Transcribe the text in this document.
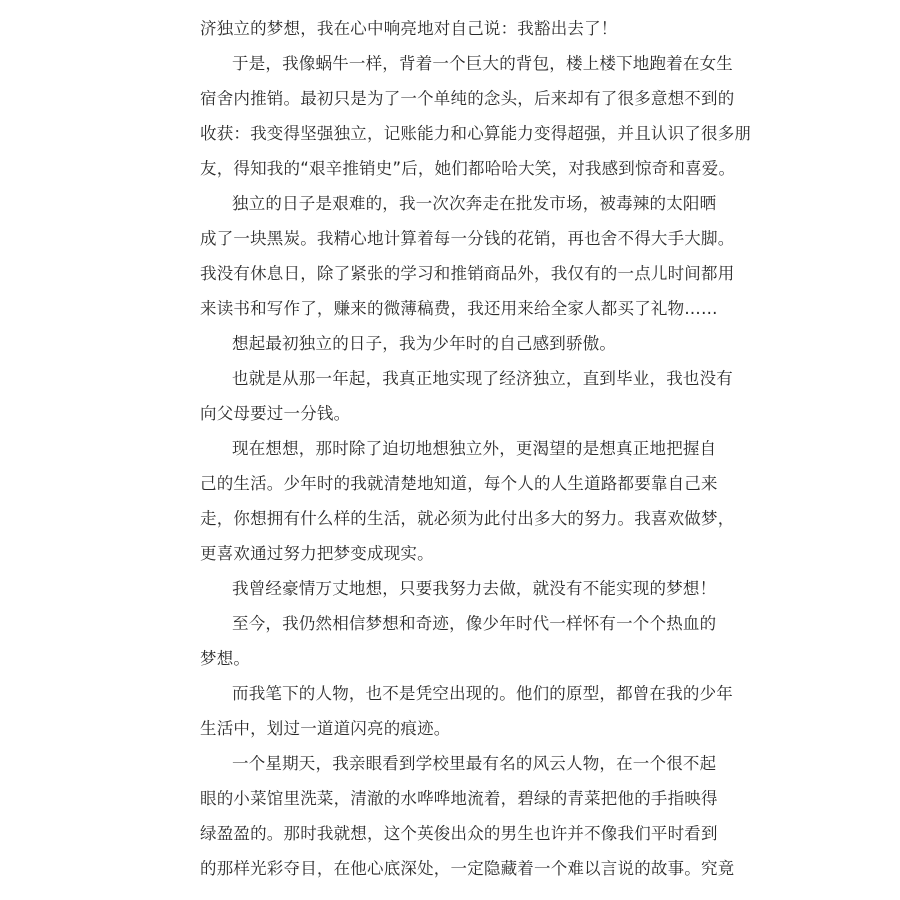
济独立的梦想，我在心中响亮地对自己说：我豁出去了！
于是，我像蜗牛一样，背着一个巨大的背包，楼上楼下地跑着在女生
宿舍内推销。最初只是为了一个单纯的念头，后来却有了很多意想不到的
收获：我变得坚强独立，记账能力和心算能力变得超强，并且认识了很多朋
友，得知我的“艰辛推销史”后，她们都哈哈大笑，对我感到惊奇和喜爱。
独立的日子是艰难的，我一次次奔走在批发市场，被毒辣的太阳晒
成了一块黑炭。我精心地计算着每一分钱的花销，再也舍不得大手大脚。
我没有休息日，除了紧张的学习和推销商品外，我仅有的一点儿时间都用
来读书和写作了，赚来的微薄稿费，我还用来给全家人都买了礼物……
想起最初独立的日子，我为少年时的自己感到骄傲。
也就是从那一年起，我真正地实现了经济独立，直到毕业，我也没有
向父母要过一分钱。
现在想想，那时除了迫切地想独立外，更渴望的是想真正地把握自
己的生活。少年时的我就清楚地知道，每个人的人生道路都要靠自己来
走，你想拥有什么样的生活，就必须为此付出多大的努力。我喜欢做梦，
更喜欢通过努力把梦变成现实。
我曾经豪情万丈地想，只要我努力去做，就没有不能实现的梦想！
至今，我仍然相信梦想和奇迹，像少年时代一样怀有一个个热血的
梦想。
而我笔下的人物，也不是凭空出现的。他们的原型，都曾在我的少年
生活中，划过一道道闪亮的痕迹。
一个星期天，我亲眼看到学校里最有名的风云人物，在一个很不起
眼的小菜馆里洗菜，清澈的水哗哗地流着，碧绿的青菜把他的手指映得
绿盈盈的。那时我就想，这个英俊出众的男生也许并不像我们平时看到
的那样光彩夺目，在他心底深处，一定隐藏着一个难以言说的故事。究竟
